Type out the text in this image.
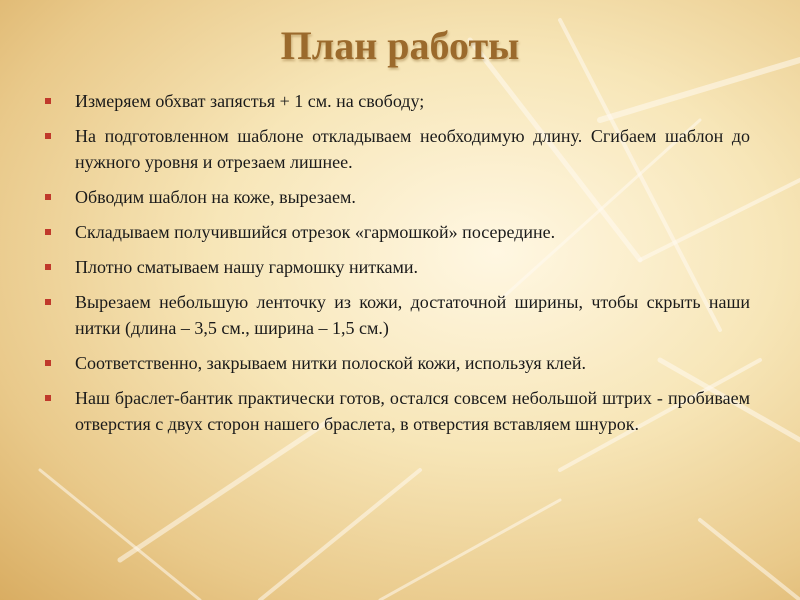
План работы
Измеряем обхват запястья + 1 см. на свободу;
На подготовленном шаблоне откладываем необходимую длину. Сгибаем шаблон до нужного уровня и отрезаем лишнее.
Обводим шаблон на коже, вырезаем.
Складываем получившийся отрезок «гармошкой» посередине.
Плотно сматываем нашу гармошку нитками.
Вырезаем небольшую ленточку из кожи, достаточной ширины, чтобы скрыть наши нитки (длина – 3,5 см., ширина – 1,5 см.)
Соответственно, закрываем нитки полоской кожи, используя клей.
Наш браслет-бантик практически готов, остался совсем небольшой штрих - пробиваем отверстия с двух сторон нашего браслета, в отверстия вставляем шнурок.
